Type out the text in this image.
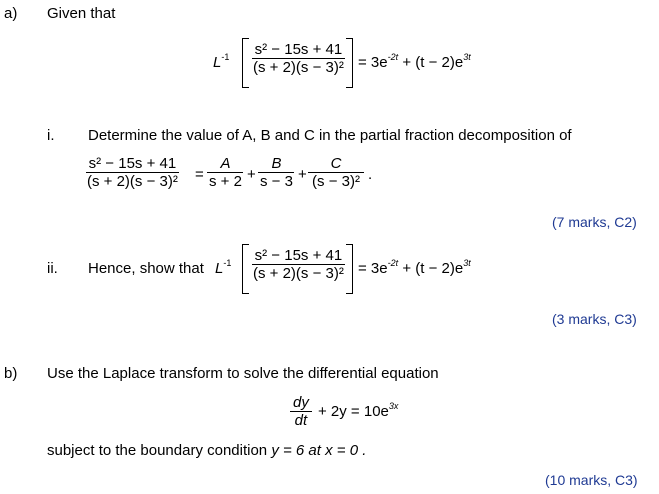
a) Given that
$L^{-1} \frac{\text{s² − 15s + 41}}{\text{(s + 2)(s − 3)²}} = 3e^{-2t} + (t - 2)e^{3t}$
i. Determine the value of A, B and C in the partial fraction decomposition of
$\frac{\text{s² − 15s + 41}}{\text{(s + 2)(s − 3)²}} = \frac{A}{s + 2} + \frac{B}{s - 3} + \frac{C}{\text{(s − 3)²}}$ .
(7 marks, C2)
ii. Hence, show that $L^{-1} \frac{\text{s² − 15s + 41}}{\text{(s + 2)(s − 3)²}} = 3e^{-2t} + (t - 2)e^{3t}$
(3 marks, C3)
b) Use the Laplace transform to solve the differential equation
$\frac{dy}{dt} + 2y = 10e^{3x}$
subject to the boundary condition y = 6 at x = 0 .
(10 marks, C3)
